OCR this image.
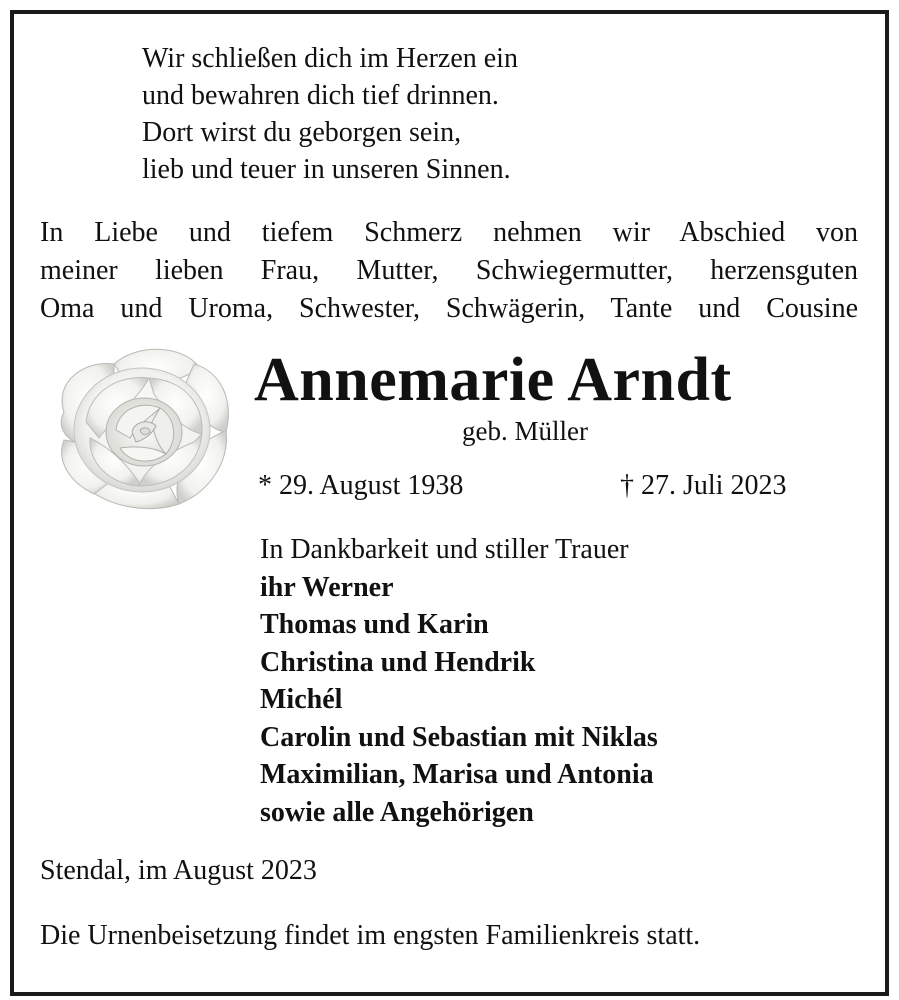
Wir schließen dich im Herzen ein
und bewahren dich tief drinnen.
Dort wirst du geborgen sein,
lieb und teuer in unseren Sinnen.
In Liebe und tiefem Schmerz nehmen wir Abschied von
meiner lieben Frau, Mutter, Schwiegermutter, herzensguten
Oma und Uroma, Schwester, Schwägerin, Tante und Cousine
Annemarie Arndt
geb. Müller
* 29. August 1938	† 27. Juli 2023
In Dankbarkeit und stiller Trauer
ihr Werner
Thomas und Karin
Christina und Hendrik
Michél
Carolin und Sebastian mit Niklas
Maximilian, Marisa und Antonia
sowie alle Angehörigen
Stendal, im August 2023
Die Urnenbeisetzung findet im engsten Familienkreis statt.
